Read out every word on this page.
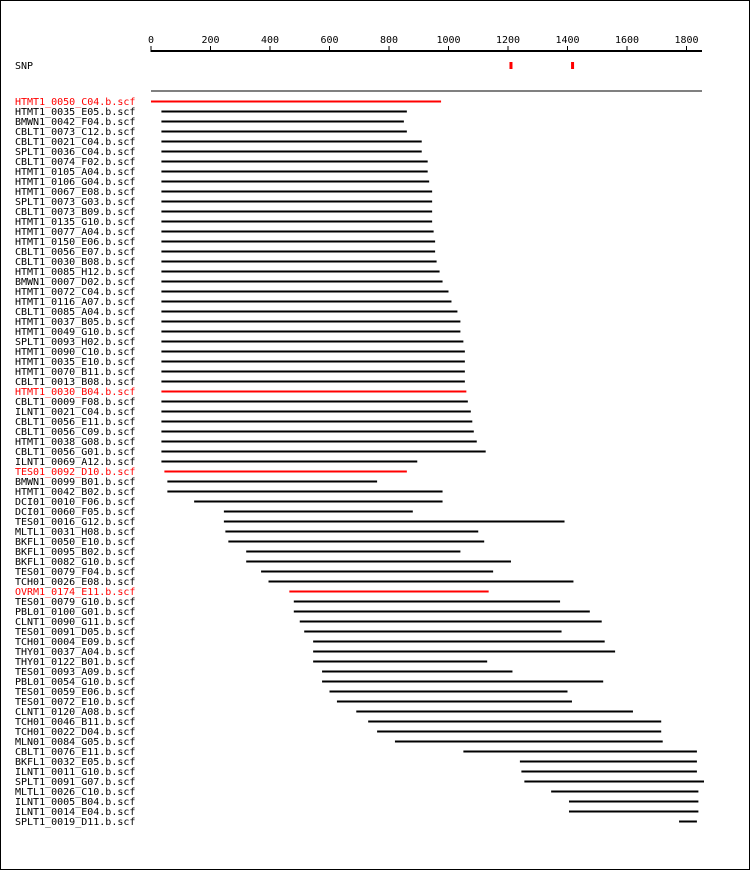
0	200	400	600	800	1000	1200	1400	1600	1800
SNP
HTMT1_0050_C04.b.scf
HTMT1_0035_E05.b.scf
BMWN1_0042_F04.b.scf
CBLT1_0073_C12.b.scf
CBLT1_0021_C04.b.scf
SPLT1_0036_C04.b.scf
CBLT1_0074_F02.b.scf
HTMT1_0105_A04.b.scf
HTMT1_0106_G04.b.scf
HTMT1_0067_E08.b.scf
SPLT1_0073_G03.b.scf
CBLT1_0073_B09.b.scf
HTMT1_0135_G10.b.scf
HTMT1_0077_A04.b.scf
HTMT1_0150_E06.b.scf
CBLT1_0056_E07.b.scf
CBLT1_0030_B08.b.scf
HTMT1_0085_H12.b.scf
BMWN1_0007_D02.b.scf
HTMT1_0072_C04.b.scf
HTMT1_0116_A07.b.scf
CBLT1_0085_A04.b.scf
HTMT1_0037_B05.b.scf
HTMT1_0049_G10.b.scf
SPLT1_0093_H02.b.scf
HTMT1_0090_C10.b.scf
HTMT1_0035_E10.b.scf
HTMT1_0070_B11.b.scf
CBLT1_0013_B08.b.scf
HTMT1_0030_B04.b.scf
CBLT1_0009_F08.b.scf
ILNT1_0021_C04.b.scf
CBLT1_0056_E11.b.scf
CBLT1_0056_C09.b.scf
HTMT1_0038_G08.b.scf
CBLT1_0056_G01.b.scf
ILNT1_0069_A12.b.scf
TES01_0092_D10.b.scf
BMWN1_0099_B01.b.scf
HTMT1_0042_B02.b.scf
DCI01_0010_F06.b.scf
DCI01_0060_F05.b.scf
TES01_0016_G12.b.scf
MLTL1_0031_H08.b.scf
BKFL1_0050_E10.b.scf
BKFL1_0095_B02.b.scf
BKFL1_0082_G10.b.scf
TES01_0079_F04.b.scf
TCH01_0026_E08.b.scf
OVRM1_0174_E11.b.scf
TES01_0079_G10.b.scf
PBL01_0100_G01.b.scf
CLNT1_0090_G11.b.scf
TES01_0091_D05.b.scf
TCH01_0004_E09.b.scf
THY01_0037_A04.b.scf
THY01_0122_B01.b.scf
TES01_0093_A09.b.scf
PBL01_0054_G10.b.scf
TES01_0059_E06.b.scf
TES01_0072_E10.b.scf
CLNT1_0120_A08.b.scf
TCH01_0046_B11.b.scf
TCH01_0022_D04.b.scf
MLN01_0084_G05.b.scf
CBLT1_0076_E11.b.scf
BKFL1_0032_E05.b.scf
ILNT1_0011_G10.b.scf
SPLT1_0091_G07.b.scf
MLTL1_0026_C10.b.scf
ILNT1_0005_B04.b.scf
ILNT1_0014_E04.b.scf
SPLT1_0019_D11.b.scf
